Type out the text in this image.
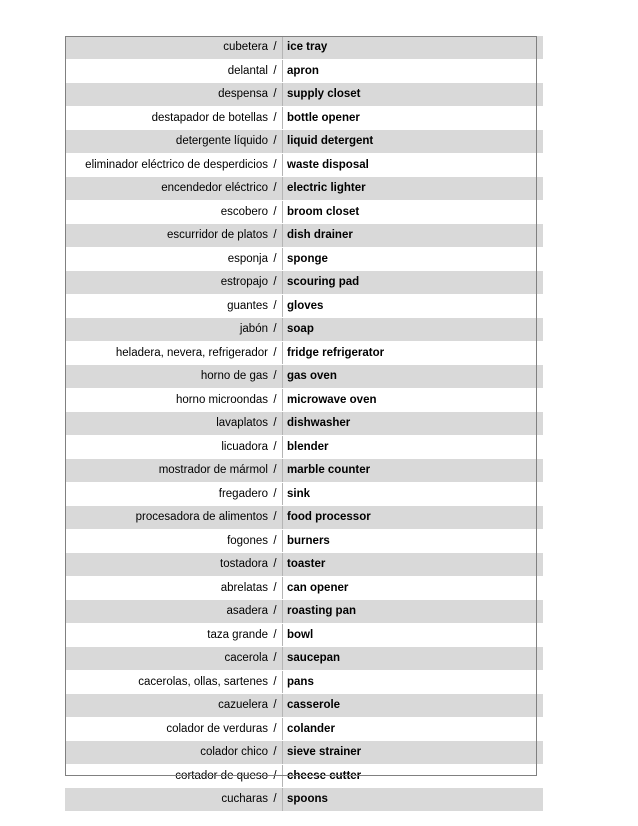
cubetera	/	ice tray

delantal	/	apron

despensa	/	supply closet

destapador de botellas	/	bottle opener

detergente líquido	/	liquid detergent

eliminador eléctrico de desperdicios	/	waste disposal

encendedor eléctrico	/	electric lighter

escobero	/	broom closet

escurridor de platos	/	dish drainer

esponja	/	sponge

estropajo	/	scouring pad

guantes	/	gloves

jabón	/	soap

heladera, nevera, refrigerador	/	fridge refrigerator

horno de gas	/	gas oven

horno microondas	/	microwave oven

lavaplatos	/	dishwasher

licuadora	/	blender

mostrador de mármol	/	marble counter

fregadero	/	sink

procesadora de alimentos	/	food processor

fogones	/	burners

tostadora	/	toaster

abrelatas	/	can opener

asadera	/	roasting pan

taza grande	/	bowl

cacerola	/	saucepan

cacerolas, ollas, sartenes	/	pans

cazuelera	/	casserole

colador de verduras	/	colander

colador chico	/	sieve strainer

cortador de queso	/	cheese cutter

cucharas	/	spoons
